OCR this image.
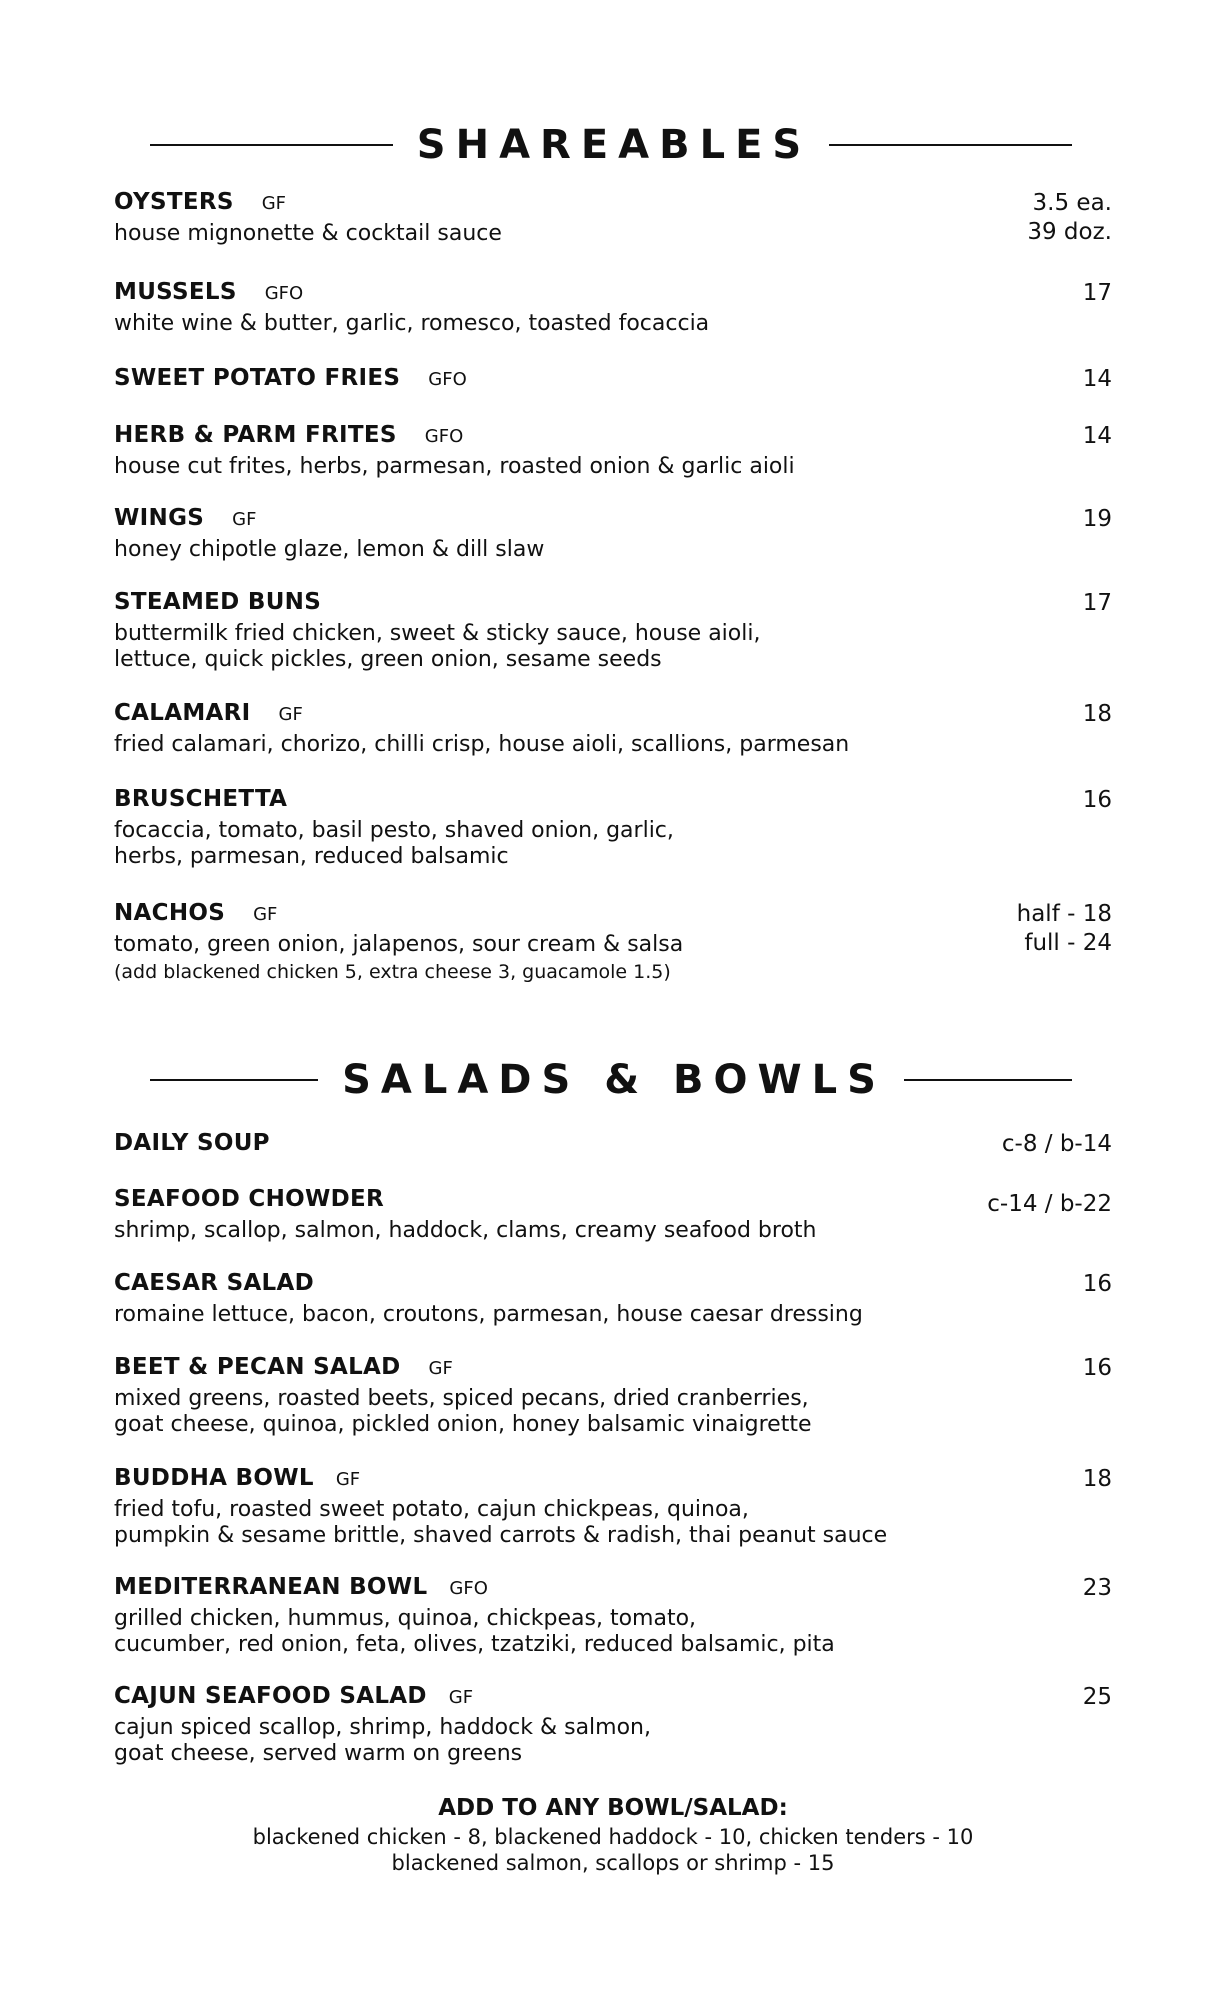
SHAREABLES
OYSTERS GF	3.5 ea.
39 doz.
house mignonette & cocktail sauce
MUSSELS GFO	17
white wine & butter, garlic, romesco, toasted focaccia
SWEET POTATO FRIES GFO	14
HERB & PARM FRITES GFO	14
house cut frites, herbs, parmesan, roasted onion & garlic aioli
WINGS GF	19
honey chipotle glaze, lemon & dill slaw
STEAMED BUNS	17
buttermilk fried chicken, sweet & sticky sauce, house aioli,
lettuce, quick pickles, green onion, sesame seeds
CALAMARI GF	18
fried calamari, chorizo, chilli crisp, house aioli, scallions, parmesan
BRUSCHETTA	16
focaccia, tomato, basil pesto, shaved onion, garlic,
herbs, parmesan, reduced balsamic
NACHOS GF	half - 18
full - 24
tomato, green onion, jalapenos, sour cream & salsa
(add blackened chicken 5, extra cheese 3, guacamole 1.5)
SALADS & BOWLS
DAILY SOUP	c-8 / b-14
SEAFOOD CHOWDER	c-14 / b-22
shrimp, scallop, salmon, haddock, clams, creamy seafood broth
CAESAR SALAD	16
romaine lettuce, bacon, croutons, parmesan, house caesar dressing
BEET & PECAN SALAD GF	16
mixed greens, roasted beets, spiced pecans, dried cranberries,
goat cheese, quinoa, pickled onion, honey balsamic vinaigrette
BUDDHA BOWL GF	18
fried tofu, roasted sweet potato, cajun chickpeas, quinoa,
pumpkin & sesame brittle, shaved carrots & radish, thai peanut sauce
MEDITERRANEAN BOWL GFO	23
grilled chicken, hummus, quinoa, chickpeas, tomato,
cucumber, red onion, feta, olives, tzatziki, reduced balsamic, pita
CAJUN SEAFOOD SALAD GF	25
cajun spiced scallop, shrimp, haddock & salmon,
goat cheese, served warm on greens
ADD TO ANY BOWL/SALAD:
blackened chicken - 8, blackened haddock - 10, chicken tenders - 10
blackened salmon, scallops or shrimp - 15
